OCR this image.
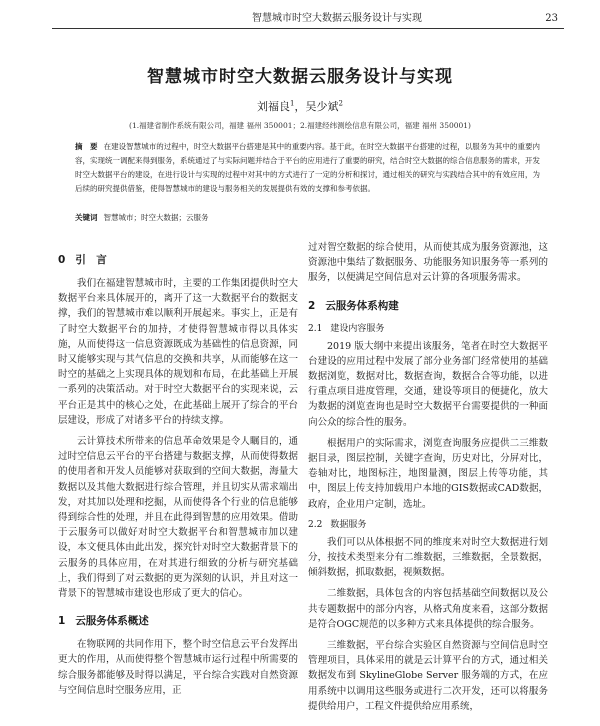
智慧城市时空大数据云服务设计与实现	23
智慧城市时空大数据云服务设计与实现
刘福良$^1$，吴少斌$^2$
(1.福建省制作系统有限公司，福建 福州 350001；2.福建经纬测绘信息有限公司，福建 福州 350001)
摘　要 在建设智慧城市的过程中，时空大数据平台搭建是其中的重要内容。基于此，在时空大数据平台搭建的过程，以服务为其中的重要内容，实现统一调配来得到服务，系统通过了与实际问题并结合于平台的应用进行了重要的研究，结合时空大数据的综合信息服务的需求，开发时空大数据平台的建设，在进行设计与实现的过程中对其中的方式进行了一定的分析和探讨，通过相关的研究与实践结合其中的有效应用，为后续的研究提供借鉴，使得智慧城市的建设与服务相关的发展提供有效的支撑和参考依据。
关键词 智慧城市；时空大数据；云服务
0 引　言

我们在福建智慧城市时，主要的工作集团提供时空大数据平台来具体展开的，离开了这一大数据平台的数据支撑，我们的智慧城市难以顺利开展起来。事实上，正是有了时空大数据平台的加持，才使得智慧城市得以具体实施，从而使得这一信息资源既成为基础性的信息资源，同时又能够实现与其气信息的交换和共享，从而能够在这一时空的基础之上实现具体的规划和布局，在此基础上开展一系列的决策活动。对于时空大数据平台的实现来说，云平台正是其中的核心之处，在此基础上展开了综合的平台层建设，形成了对诸多平台的持续支撑。

云计算技术所带来的信息革命效果是令人瞩目的，通过时空信息云平台的平台搭建与数据支撑，从而使得数据的使用者和开发人员能够对获取到的空间大数据，海量大数据以及其他大数据进行综合管理，并且切实从需求端出发，对其加以处理和挖掘，从而使得各个行业的信息能够得到综合性的处理，并且在此得到智慧的应用效果。借助于云服务可以做好对时空大数据平台和智慧城市加以建设，本文便具体由此出发，探究针对时空大数据背景下的云服务的具体应用，在对其进行细致的分析与研究基础上，我们得到了对云数据的更为深刻的认识，并且对这一背景下的智慧城市建设也形成了更大的信心。

1 云服务体系概述

在物联网的共同作用下，整个时空信息云平台发挥出更大的作用，从而使得整个智慧城市运行过程中所需要的综合服务都能够及时得以满足，平台综合实践对自然资源与空间信息时空服务应用，正

过对智空数据的综合使用，从而使其成为服务资源池，这资源池中集结了数据服务、功能服务知识服务等一系列的服务，以便满足空间信息对云计算的各项服务需求。

2 云服务体系构建
2.1 建设内容服务

2019 版大纲中来提出该服务，笔者在时空大数据平台建设的应用过程中发展了部分业务部门经常使用的基础数据浏览，数据对比，数据查询，数据合合等功能，以进行重点项目进度管理，交通，建设等项目的便捷化，放大为数据的浏览查询也是时空大数据平台需要提供的一种面向公众的综合性的服务。

根据用户的实际需求，浏览查询服务应提供二三维数据目录，图层控制，关键字查询，历史对比，分屏对比，卷轴对比，地图标注，地图量测，图层上传等功能，其中，图层上传支持加载用户本地的GIS数据或CAD数据，政府，企业用户定制，选址。

2.2 数据服务

我们可以从体根据不同的维度来对时空大数据进行划分，按技术类型来分有二维数据，三维数据，全景数据，倾斜数据，抓取数据，视频数据。

二维数据，具体包含的内容包括基础空间数据以及公共专题数据中的部分内容，从格式角度来看，这部分数据是符合OGC规范的以多种方式来具体提供的综合服务。

三维数据，平台综合实验区自然资源与空间信息时空管理项目，具体采用的就是云计算平台的方式，通过相关数据发布到 SkylineGlobe Server 服务端的方式，在应用系统中以调用这些服务或进行二次开发，还可以将服务提供给用户，工程文件提供给应用系统，
